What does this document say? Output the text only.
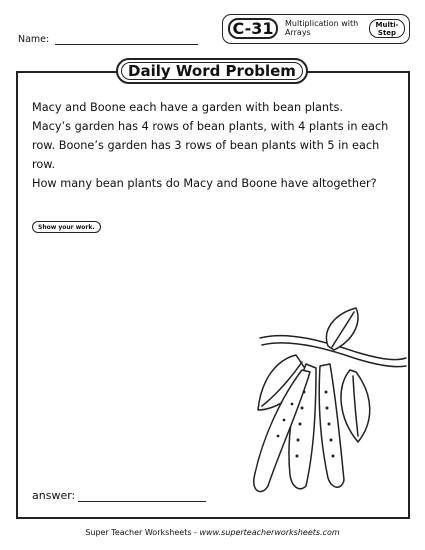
Name:
C-31	Multiplication with Arrays
Multi-Step
Daily Word Problem

Macy and Boone each have a garden with bean plants.

Macy’s garden has 4 rows of bean plants, with 4 plants in each row. Boone’s garden has 3 rows of bean plants with 5 in each row.

How many bean plants do Macy and Boone have altogether?

Show your work.
answer:
Super Teacher Worksheets - www.superteacherworksheets.com
